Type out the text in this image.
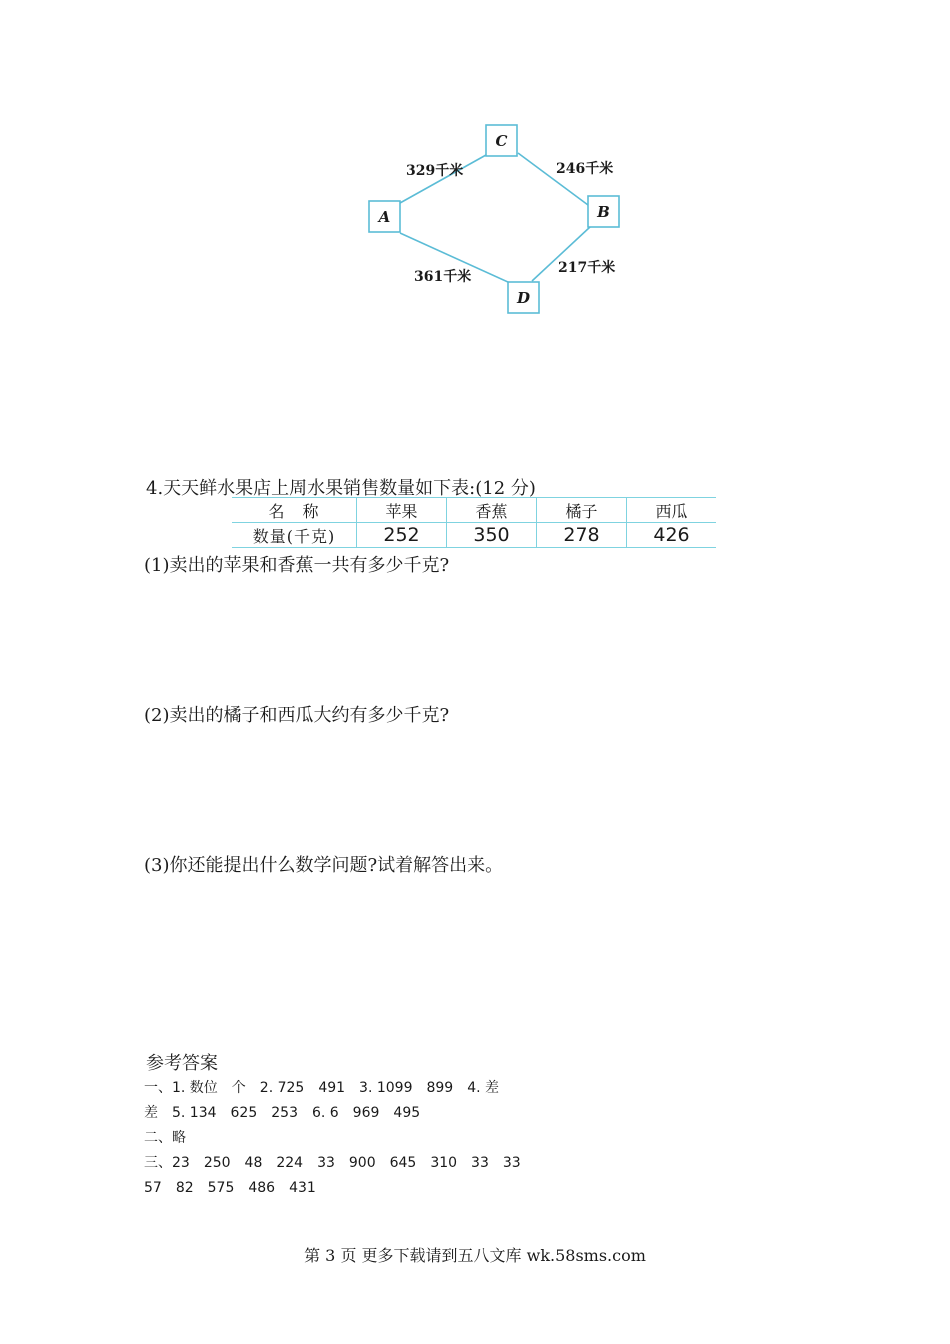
A
C
B
D
329千米	246千米
361千米
217千米
4.天天鲜水果店上周水果销售数量如下表:(12 分)
名　称	苹果	香蕉	橘子	西瓜
数量(千克)	252	350	278	426
(1)卖出的苹果和香蕉一共有多少千克?
(2)卖出的橘子和西瓜大约有多少千克?
(3)你还能提出什么数学问题?试着解答出来。
参考答案
一、1. 数位　个　2. 725　491　3. 1099　899　4. 差
差　5. 134　625　253　6. 6　969　495
二、略
三、23　250　48　224　33　900　645　310　33　33
57　82　575　486　431
第 3 页 更多下载请到五八文库 wk.58sms.com
